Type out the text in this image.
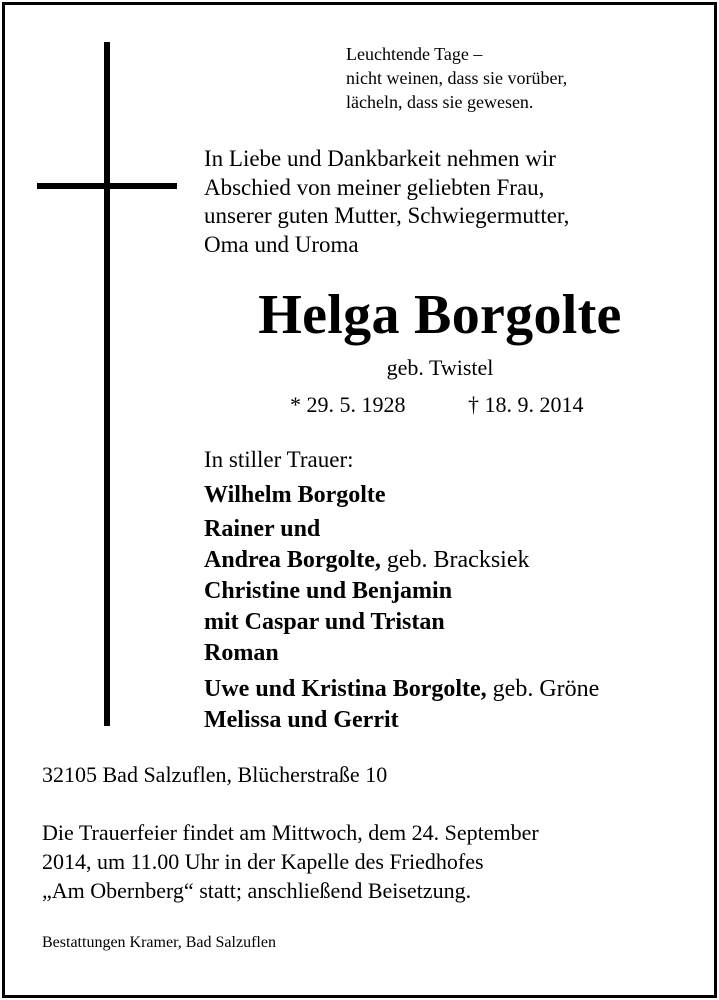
Leuchtende Tage –
nicht weinen, dass sie vorüber,
lächeln, dass sie gewesen.
In Liebe und Dankbarkeit nehmen wir
Abschied von meiner geliebten Frau,
unserer guten Mutter, Schwiegermutter,
Oma und Uroma
Helga Borgolte
geb. Twistel
* 29. 5. 1928	† 18. 9. 2014
In stiller Trauer:
Wilhelm Borgolte
Rainer und
Andrea Borgolte, geb. Bracksiek
Christine und Benjamin
mit Caspar und Tristan
Roman
Uwe und Kristina Borgolte, geb. Gröne
Melissa und Gerrit
32105 Bad Salzuflen, Blücherstraße 10
Die Trauerfeier findet am Mittwoch, dem 24. September
2014, um 11.00 Uhr in der Kapelle des Friedhofes
„Am Obernberg“ statt; anschließend Beisetzung.
Bestattungen Kramer, Bad Salzuflen
